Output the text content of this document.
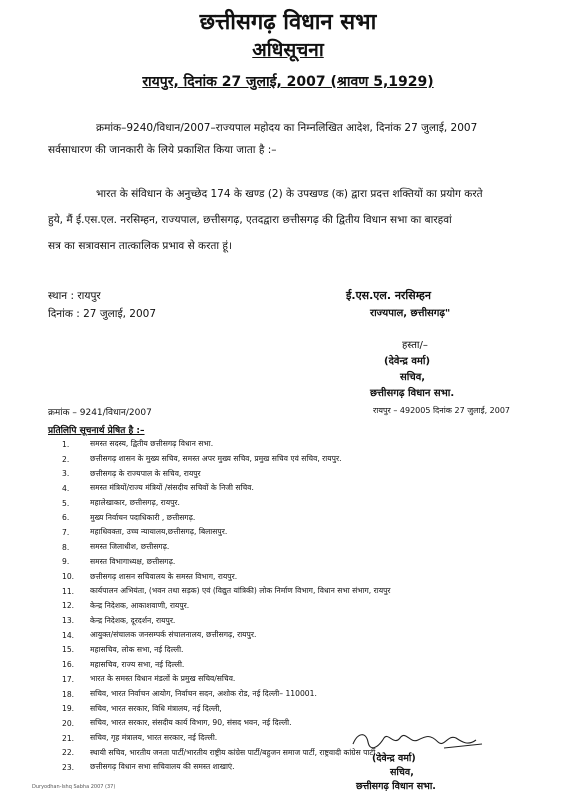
छत्तीसगढ़ विधान सभा
अधिसूचना
रायपुर, दिनांक 27 जुलाई, 2007 (श्रावण 5,1929)
क्रमांक–9240/विधान/2007–राज्यपाल महोदय का निम्नलिखित आदेश, दिनांक 27 जुलाई, 2007
सर्वसाधारण की जानकारी के लिये प्रकाशित किया जाता है :–
भारत के संविधान के अनुच्छेद 174 के खण्ड (2) के उपखण्ड (क) द्वारा प्रदत्त शक्तियों का प्रयोग करते
हुये, मैं ई.एस.एल. नरसिम्हन, राज्यपाल, छत्तीसगढ़, एतदद्वारा छत्तीसगढ़ की द्वितीय विधान सभा का बारहवां
सत्र का सत्रावसान तात्कालिक प्रभाव से करता हूं।
स्थान : रायपुर
दिनांक : 27 जुलाई, 2007
ई.एस.एल. नरसिम्हन
राज्यपाल, छत्तीसगढ़"
हस्ता/–
(देवेन्द्र वर्मा)
सचिव,
छत्तीसगढ़ विधान सभा.
क्रमांक – 9241/विधान/2007	रायपुर – 492005 दिनांक 27 जुलाई, 2007
प्रतिलिपि सूचनार्थ प्रेषित है :–
1.	समस्त सदस्य, द्वितीय छत्तीसगढ़ विधान सभा.
2.	छत्तीसगढ़ शासन के मुख्य सचिव, समस्त अपर मुख्य सचिव, प्रमुख सचिव एवं सचिव, रायपुर.
3.	छत्तीसगढ़ के राज्यपाल के सचिव, रायपुर
4.	समस्त मंत्रियों/राज्य मंत्रियों /संसदीय सचिवों के निजी सचिव.
5.	महालेखाकार, छत्तीसगढ़, रायपुर.
6.	मुख्य निर्वाचन पदाधिकारी , छत्तीसगढ़.
7.	महाधिवक्ता, उच्च न्यायालय,छत्तीसगढ़, बिलासपुर.
8.	समस्त जिलाधीश, छत्तीसगढ़.
9.	समस्त विभागाध्यक्ष, छत्तीसगढ़.
10.	छत्तीसगढ़ शासन सचिवालय के समस्त विभाग, रायपुर.
11.	कार्यपालन अभियंता, (भवन तथा सड़क) एवं (विद्युत यांत्रिकी) लोक निर्माण विभाग, विधान सभा संभाग, रायपुर
12.	केन्द्र निदेशक, आकाशवाणी, रायपुर.
13.	केन्द्र निदेशक, दूरदर्शन, रायपुर.
14.	आयुक्त/संचालक जनसम्पर्क संचालनालय, छत्तीसगढ़, रायपुर.
15.	महासचिव, लोक सभा, नई दिल्ली.
16.	महासचिव, राज्य सभा, नई दिल्ली.
17.	भारत के समस्त विधान मंडलों के प्रमुख सचिव/सचिव.
18.	सचिव, भारत निर्वाचन आयोग, निर्वाचन सदन, अशोक रोड, नई दिल्ली– 110001.
19.	सचिव, भारत सरकार, विधि मंत्रालय, नई दिल्ली,
20.	सचिव, भारत सरकार, संसदीय कार्य विभाग, 90, संसद भवन, नई दिल्ली.
21.	सचिव, गृह मंत्रालय, भारत सरकार, नई दिल्ली.
22.	स्थायी सचिव, भारतीय जनता पार्टी/भारतीय राष्ट्रीय कांग्रेस पार्टी/बहुजन समाज पार्टी, राष्ट्रवादी कांग्रेस पार्टी.
23.	छत्तीसगढ़ विधान सभा सचिवालय की समस्त शाखाएं.
(देवेन्द्र वर्मा)
सचिव,
छत्तीसगढ़ विधान सभा.
Duryodhan-Ishq Sabha 2007 (37)
